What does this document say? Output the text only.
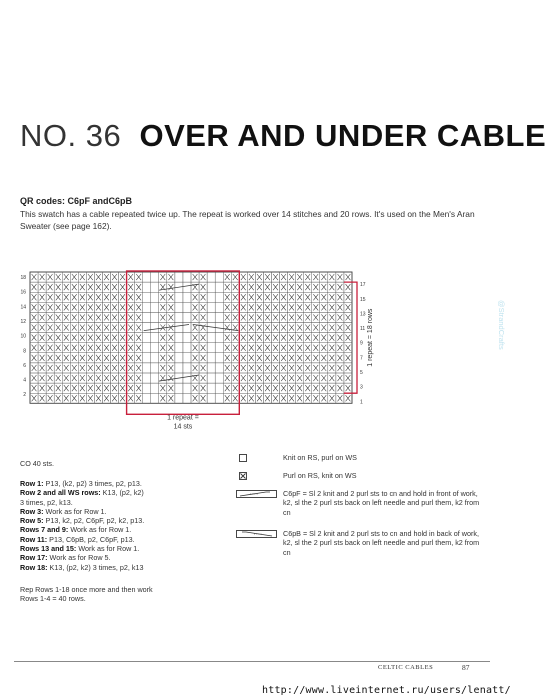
NO. 36 OVER AND UNDER CABLE
QR codes: C6pF andC6pB
This swatch has a cable repeated twice up. The repeat is worked over 14 stitches and 20 rows. It's used on the Men's Aran Sweater (see page 162).
18
16
14
12
10
8
6
4
2
17
15
13
11
9
7
5
3
1
1 repeat = 18 rows
1 repeat =
14 sts
@StrandCrafts
CO 40 sts.
Row 1: P13, (k2, p2) 3 times, p2, p13.
Row 2 and all WS rows: K13, (p2, k2)
3 times, p2, k13.
Row 3: Work as for Row 1.
Row 5: P13, k2, p2, C6pF, p2, k2, p13.
Rows 7 and 9: Work as for Row 1.
Row 11: P13, C6pB, p2, C6pF, p13.
Rows 13 and 15: Work as for Row 1.
Row 17: Work as for Row 5.
Row 18: K13, (p2, k2) 3 times, p2, k13
Rep Rows 1-18 once more and then work
Rows 1-4 = 40 rows.
Knit on RS, purl on WS
Purl on RS, knit on WS
C6pF = Sl 2 knit and 2 purl sts to cn and hold in front of work, k2, sl the 2 purl sts back on left needle and purl them, k2 from cn
C6pB = Sl 2 knit and 2 purl sts to cn and hold in back of work, k2, sl the 2 purl sts back on left needle and purl them, k2 from cn
CELTIC CABLES	87
http://www.liveinternet.ru/users/lenatt/
